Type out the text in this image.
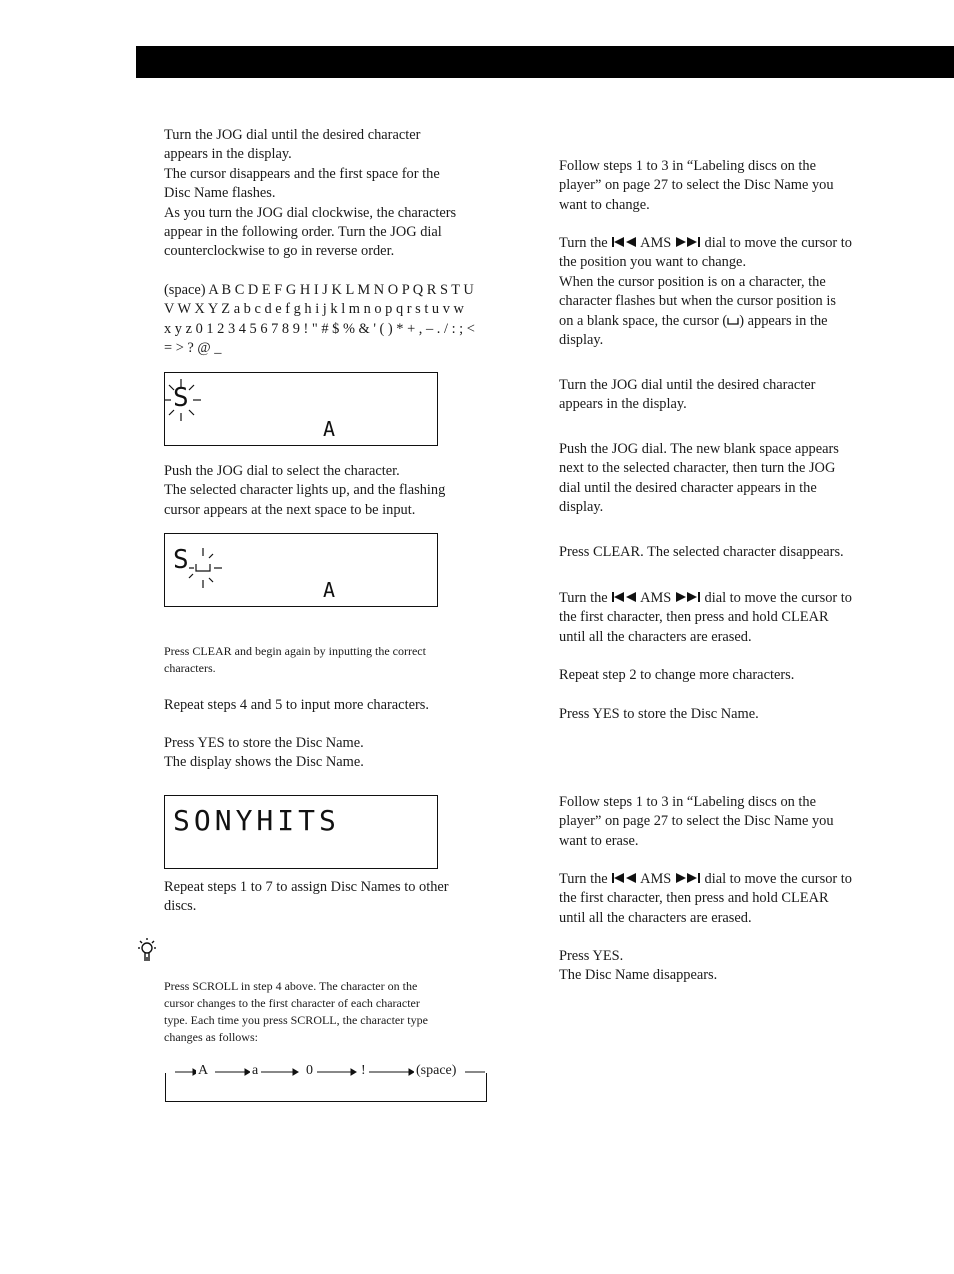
Turn the JOG dial until the desired character
appears in the display.
The cursor disappears and the first space for the
Disc Name flashes.
As you turn the JOG dial clockwise, the characters
appear in the following order. Turn the JOG dial
counterclockwise to go in reverse order.
(space) A B C D E F G H I J K L M N O P Q R S T U
V W X Y Z a b c d e f g h i j k l m n o p q r s t u v w
x y z 0 1 2 3 4 5 6 7 8 9 ! " # $ % & ' ( ) * + , – . / : ; <
= > ? @ _
S
A
Push the JOG dial to select the character.
The selected character lights up, and the flashing
cursor appears at the next space to be input.
S
A
Press CLEAR and begin again by inputting the correct
characters.
Repeat steps 4 and 5 to input more characters.
Press YES to store the Disc Name.
The display shows the Disc Name.
SONYHITS
Repeat steps 1 to 7 to assign Disc Names to other
discs.
Press SCROLL in step 4 above. The character on the
cursor changes to the first character of each character
type. Each time you press SCROLL, the character type
changes as follows:
A	a	0	!	(space)
Follow steps 1 to 3 in “Labeling discs on the
player” on page 27 to select the Disc Name you
want to change.
Turn the AMS dial to move the cursor to
the position you want to change.
When the cursor position is on a character, the
character flashes but when the cursor position is
on a blank space, the cursor ( ) appears in the
display.
Turn the JOG dial until the desired character
appears in the display.
Push the JOG dial. The new blank space appears
next to the selected character, then turn the JOG
dial until the desired character appears in the
display.
Press CLEAR. The selected character disappears.
Turn the AMS dial to move the cursor to
the first character, then press and hold CLEAR
until all the characters are erased.
Repeat step 2 to change more characters.
Press YES to store the Disc Name.
Follow steps 1 to 3 in “Labeling discs on the
player” on page 27 to select the Disc Name you
want to erase.
Turn the AMS dial to move the cursor to
the first character, then press and hold CLEAR
until all the characters are erased.
Press YES.
The Disc Name disappears.
